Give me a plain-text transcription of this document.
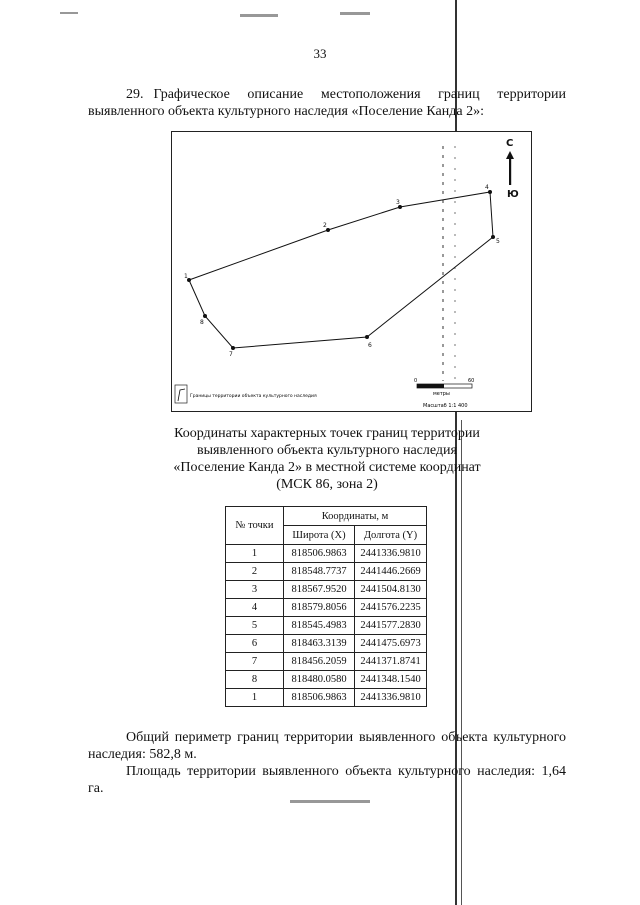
33
29. Графическое описание местоположения границ территории выявленного объекта культурного наследия «Поселение Канда 2»:
1
2
3
4
5
6
7
8
С
Ю
0	60
метры
Масштаб 1:1 400
Границы территории объекта культурного наследия
Координаты характерных точек границ территории
выявленного объекта культурного наследия
«Поселение Канда 2» в местной системе координат
(МСК 86, зона 2)
№ точки	Координаты, м	
	Широта (X)	Долгота (Y)
1	818506.9863	2441336.9810
2	818548.7737	2441446.2669
3	818567.9520	2441504.8130
4	818579.8056	2441576.2235
5	818545.4983	2441577.2830
6	818463.3139	2441475.6973
7	818456.2059	2441371.8741
8	818480.0580	2441348.1540
1	818506.9863	2441336.9810
Общий периметр границ территории выявленного объекта культурного наследия: 582,8 м.
Площадь территории выявленного объекта культурного наследия: 1,64 га.
